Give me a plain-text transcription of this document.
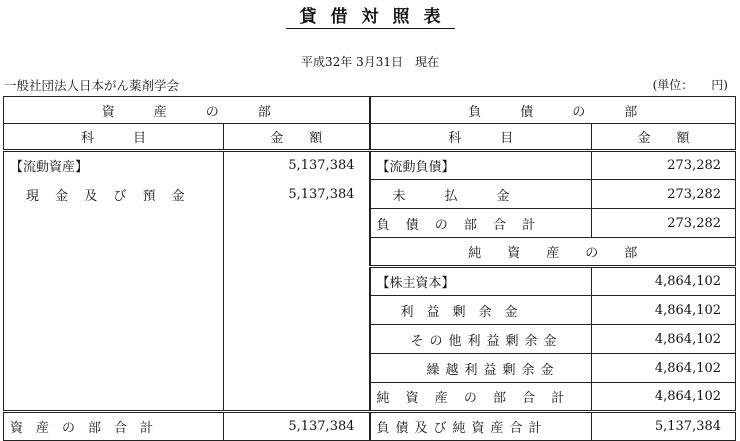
貸借対照表
平成32年 3月31日　現在
一般社団法人日本がん薬剤学会	(単位：　　円)
資　　　産　　　の　　　部		負　　　債　　　の　　　部	
科　　　目	金　　額	科　　　目	金　　額
【流動資産】	5,137,384	【流動負債】	273,282
現 金 及 び 預 金	5,137,384	未　　　払　　　金	273,282
		負 債 の 部 合 計	273,282
		純　　資　　産　　の　　部	
		【株主資本】	4,864,102
		利　益　剰　余　金	4,864,102
		その他利益剰余金	4,864,102
		繰越利益剰余金	4,864,102
		純 資 産 の 部 合 計	4,864,102
資　産　の　部　合　計	5,137,384	負債及び純資産合計	5,137,384
